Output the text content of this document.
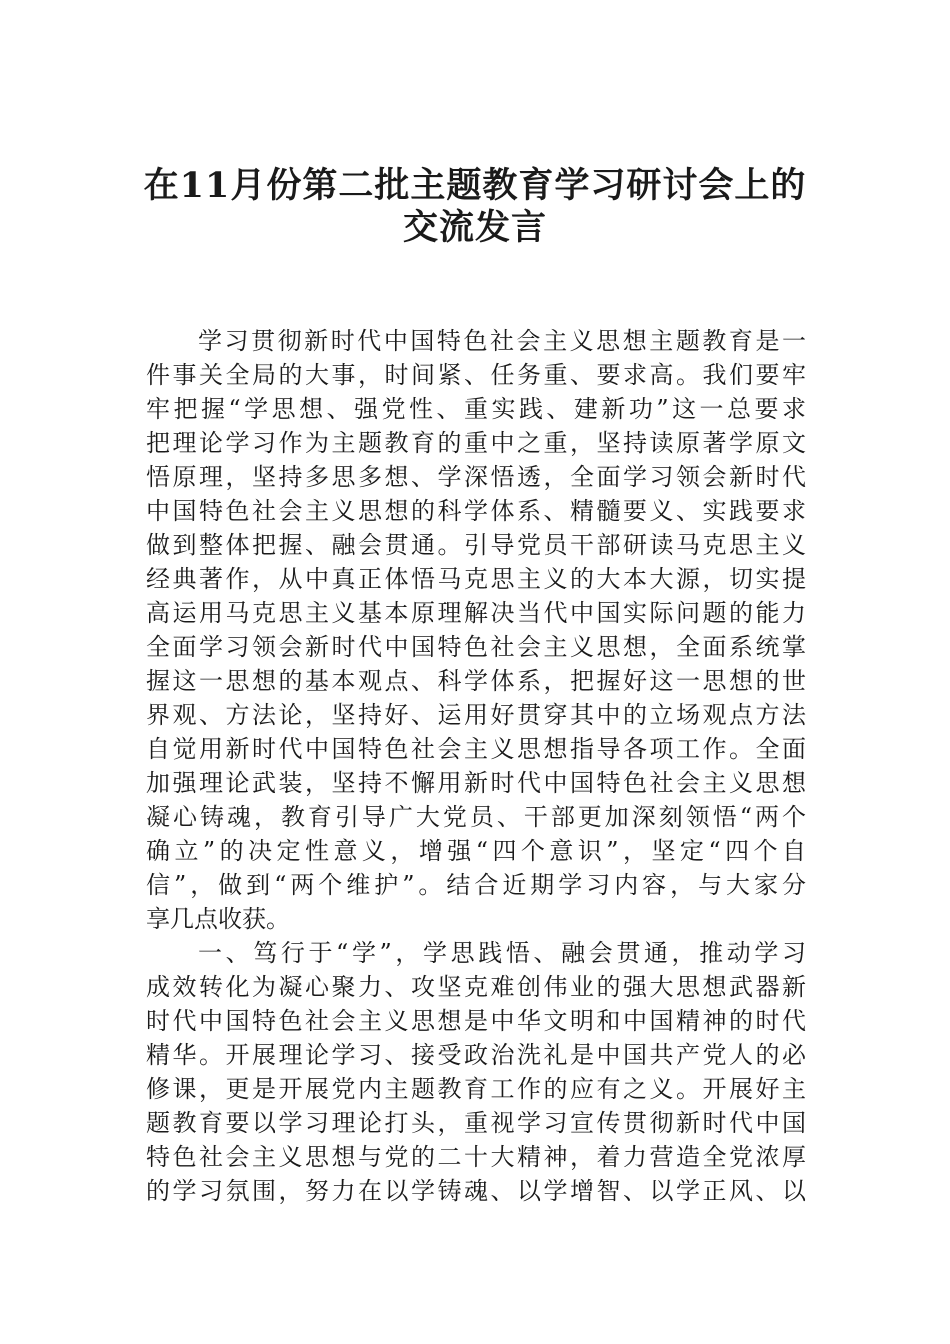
在11月份第二批主题教育学习研讨会上的
交流发言
学习贯彻新时代中国特色社会主义思想主题教育是一
件事关全局的大事，时间紧、任务重、要求高。我们要牢
牢把握“学思想、强党性、重实践、建新功”这一总要求
把理论学习作为主题教育的重中之重，坚持读原著学原文
悟原理，坚持多思多想、学深悟透，全面学习领会新时代
中国特色社会主义思想的科学体系、精髓要义、实践要求
做到整体把握、融会贯通。引导党员干部研读马克思主义
经典著作，从中真正体悟马克思主义的大本大源，切实提
高运用马克思主义基本原理解决当代中国实际问题的能力
全面学习领会新时代中国特色社会主义思想，全面系统掌
握这一思想的基本观点、科学体系，把握好这一思想的世
界观、方法论，坚持好、运用好贯穿其中的立场观点方法
自觉用新时代中国特色社会主义思想指导各项工作。全面
加强理论武装，坚持不懈用新时代中国特色社会主义思想
凝心铸魂，教育引导广大党员、干部更加深刻领悟“两个
确立”的决定性意义，增强“四个意识”，坚定“四个自
信”，做到“两个维护”。结合近期学习内容，与大家分
享几点收获。
一、笃行于“学”，学思践悟、融会贯通，推动学习
成效转化为凝心聚力、攻坚克难创伟业的强大思想武器新
时代中国特色社会主义思想是中华文明和中国精神的时代
精华。开展理论学习、接受政治洗礼是中国共产党人的必
修课，更是开展党内主题教育工作的应有之义。开展好主
题教育要以学习理论打头，重视学习宣传贯彻新时代中国
特色社会主义思想与党的二十大精神，着力营造全党浓厚
的学习氛围，努力在以学铸魂、以学增智、以学正风、以
